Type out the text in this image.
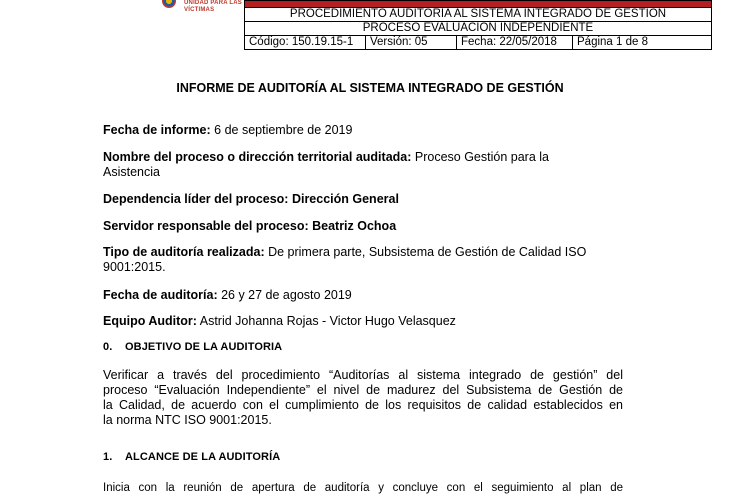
UNIDAD PARA LAS VÍCTIMAS	PROCEDIMIENTO AUDITORIA AL SISTEMA INTEGRADO DE GESTIÓN
PROCESO EVALUACIÓN INDEPENDIENTE
Código: 150.19.15-1	Versión: 05	Fecha: 22/05/2018	Página 1 de 8
INFORME DE AUDITORÍA AL SISTEMA INTEGRADO DE GESTIÓN
Fecha de informe: 6 de septiembre de 2019
Nombre del proceso o dirección territorial auditada: Proceso Gestión para la
Asistencia
Dependencia líder del proceso: Dirección General
Servidor responsable del proceso: Beatriz Ochoa
Tipo de auditoría realizada: De primera parte, Subsistema de Gestión de Calidad ISO
9001:2015.
Fecha de auditoría: 26 y 27 de agosto 2019
Equipo Auditor: Astrid Johanna Rojas - Victor Hugo Velasquez
0. OBJETIVO DE LA AUDITORIA
Verificar a través del procedimiento “Auditorías al sistema integrado de gestión” del
proceso “Evaluación Independiente” el nivel de madurez del Subsistema de Gestión de
la Calidad, de acuerdo con el cumplimiento de los requisitos de calidad establecidos en
la norma NTC ISO 9001:2015.
1. ALCANCE DE LA AUDITORÍA
Inicia con la reunión de apertura de auditoría y concluye con el seguimiento al plan de
